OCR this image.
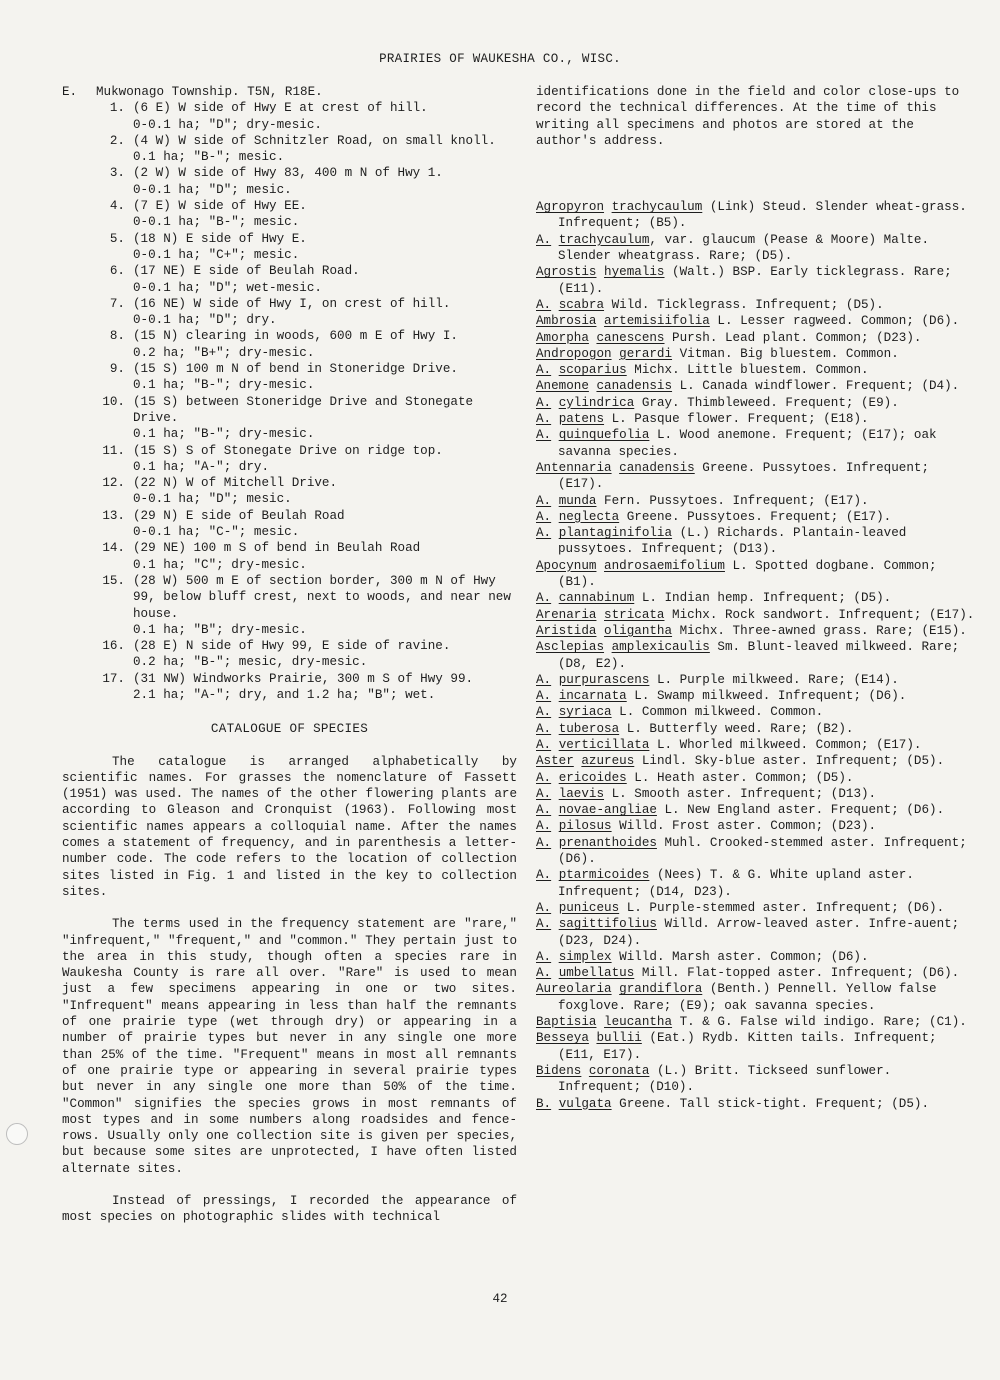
PRAIRIES OF WAUKESHA CO., WISC.

E. Mukwonago Township. T5N, R18E.

1. (6 E) W side of Hwy E at crest of hill.
0-0.1 ha; "D"; dry-mesic.
2. (4 W) W side of Schnitzler Road, on small knoll.
0.1 ha; "B-"; mesic.
3. (2 W) W side of Hwy 83, 400 m N of Hwy 1.
0-0.1 ha; "D"; mesic.
4. (7 E) W side of Hwy EE.
0-0.1 ha; "B-"; mesic.
5. (18 N) E side of Hwy E.
0-0.1 ha; "C+"; mesic.
6. (17 NE) E side of Beulah Road.
0-0.1 ha; "D"; wet-mesic.
7. (16 NE) W side of Hwy I, on crest of hill.
0-0.1 ha; "D"; dry.
8. (15 N) clearing in woods, 600 m E of Hwy I.
0.2 ha; "B+"; dry-mesic.
9. (15 S) 100 m N of bend in Stoneridge Drive.
0.1 ha; "B-"; dry-mesic.
10. (15 S) between Stoneridge Drive and Stonegate Drive.
0.1 ha; "B-"; dry-mesic.
11. (15 S) S of Stonegate Drive on ridge top.
0.1 ha; "A-"; dry.
12. (22 N) W of Mitchell Drive.
0-0.1 ha; "D"; mesic.
13. (29 N) E side of Beulah Road
0-0.1 ha; "C-"; mesic.
14. (29 NE) 100 m S of bend in Beulah Road
0.1 ha; "C"; dry-mesic.
15. (28 W) 500 m E of section border, 300 m N of Hwy 99, below bluff crest, next to woods, and near new house.
0.1 ha; "B"; dry-mesic.
16. (28 E) N side of Hwy 99, E side of ravine.
0.2 ha; "B-"; mesic, dry-mesic.
17. (31 NW) Windworks Prairie, 300 m S of Hwy 99.
2.1 ha; "A-"; dry, and 1.2 ha; "B"; wet.
CATALOGUE OF SPECIES

The catalogue is arranged alphabetically by scientific names. For grasses the nomenclature of Fassett (1951) was used. The names of the other flowering plants are according to Gleason and Cronquist (1963). Following most scientific names appears a colloquial name. After the names comes a statement of frequency, and in parenthesis a letter-number code. The code refers to the location of collection sites listed in Fig. 1 and listed in the key to collection sites.

The terms used in the frequency statement are "rare," "infrequent," "frequent," and "common." They pertain just to the area in this study, though often a species rare in Waukesha County is rare all over. "Rare" is used to mean just a few specimens appearing in one or two sites. "Infrequent" means appearing in less than half the remnants of one prairie type (wet through dry) or appearing in a number of prairie types but never in any single one more than 25% of the time. "Frequent" means in most all remnants of one prairie type or appearing in several prairie types but never in any single one more than 50% of the time. "Common" signifies the species grows in most remnants of most types and in some numbers along roadsides and fence-rows. Usually only one collection site is given per species, but because some sites are unprotected, I have often listed alternate sites.

Instead of pressings, I recorded the appearance of most species on photographic slides with technical

identifications done in the field and color close-ups to record the technical differences. At the time of this writing all specimens and photos are stored at the author's address.

Agropyron trachycaulum (Link) Steud. Slender wheat-grass. Infrequent; (B5).
A. trachycaulum, var. glaucum (Pease & Moore) Malte. Slender wheatgrass. Rare; (D5).
Agrostis hyemalis (Walt.) BSP. Early ticklegrass. Rare; (E11).
A. scabra Wild. Ticklegrass. Infrequent; (D5).
Ambrosia artemisiifolia L. Lesser ragweed. Common; (D6).
Amorpha canescens Pursh. Lead plant. Common; (D23).
Andropogon gerardi Vitman. Big bluestem. Common.
A. scoparius Michx. Little bluestem. Common.
Anemone canadensis L. Canada windflower. Frequent; (D4).
A. cylindrica Gray. Thimbleweed. Frequent; (E9).
A. patens L. Pasque flower. Frequent; (E18).
A. quinquefolia L. Wood anemone. Frequent; (E17); oak savanna species.
Antennaria canadensis Greene. Pussytoes. Infrequent; (E17).
A. munda Fern. Pussytoes. Infrequent; (E17).
A. neglecta Greene. Pussytoes. Frequent; (E17).
A. plantaginifolia (L.) Richards. Plantain-leaved pussytoes. Infrequent; (D13).
Apocynum androsaemifolium L. Spotted dogbane. Common; (B1).
A. cannabinum L. Indian hemp. Infrequent; (D5).
Arenaria stricata Michx. Rock sandwort. Infrequent; (E17).
Aristida oligantha Michx. Three-awned grass. Rare; (E15).
Asclepias amplexicaulis Sm. Blunt-leaved milkweed. Rare; (D8, E2).
A. purpurascens L. Purple milkweed. Rare; (E14).
A. incarnata L. Swamp milkweed. Infrequent; (D6).
A. syriaca L. Common milkweed. Common.
A. tuberosa L. Butterfly weed. Rare; (B2).
A. verticillata L. Whorled milkweed. Common; (E17).
Aster azureus Lindl. Sky-blue aster. Infrequent; (D5).
A. ericoides L. Heath aster. Common; (D5).
A. laevis L. Smooth aster. Infrequent; (D13).
A. novae-angliae L. New England aster. Frequent; (D6).
A. pilosus Willd. Frost aster. Common; (D23).
A. prenanthoides Muhl. Crooked-stemmed aster. Infrequent; (D6).
A. ptarmicoides (Nees) T. & G. White upland aster. Infrequent; (D14, D23).
A. puniceus L. Purple-stemmed aster. Infrequent; (D6).
A. sagittifolius Willd. Arrow-leaved aster. Infre-auent; (D23, D24).
A. simplex Willd. Marsh aster. Common; (D6).
A. umbellatus Mill. Flat-topped aster. Infrequent; (D6).
Aureolaria grandiflora (Benth.) Pennell. Yellow false foxglove. Rare; (E9); oak savanna species.
Baptisia leucantha T. & G. False wild indigo. Rare; (C1).
Besseya bullii (Eat.) Rydb. Kitten tails. Infrequent; (E11, E17).
Bidens coronata (L.) Britt. Tickseed sunflower. Infrequent; (D10).
B. vulgata Greene. Tall stick-tight. Frequent; (D5).
42
